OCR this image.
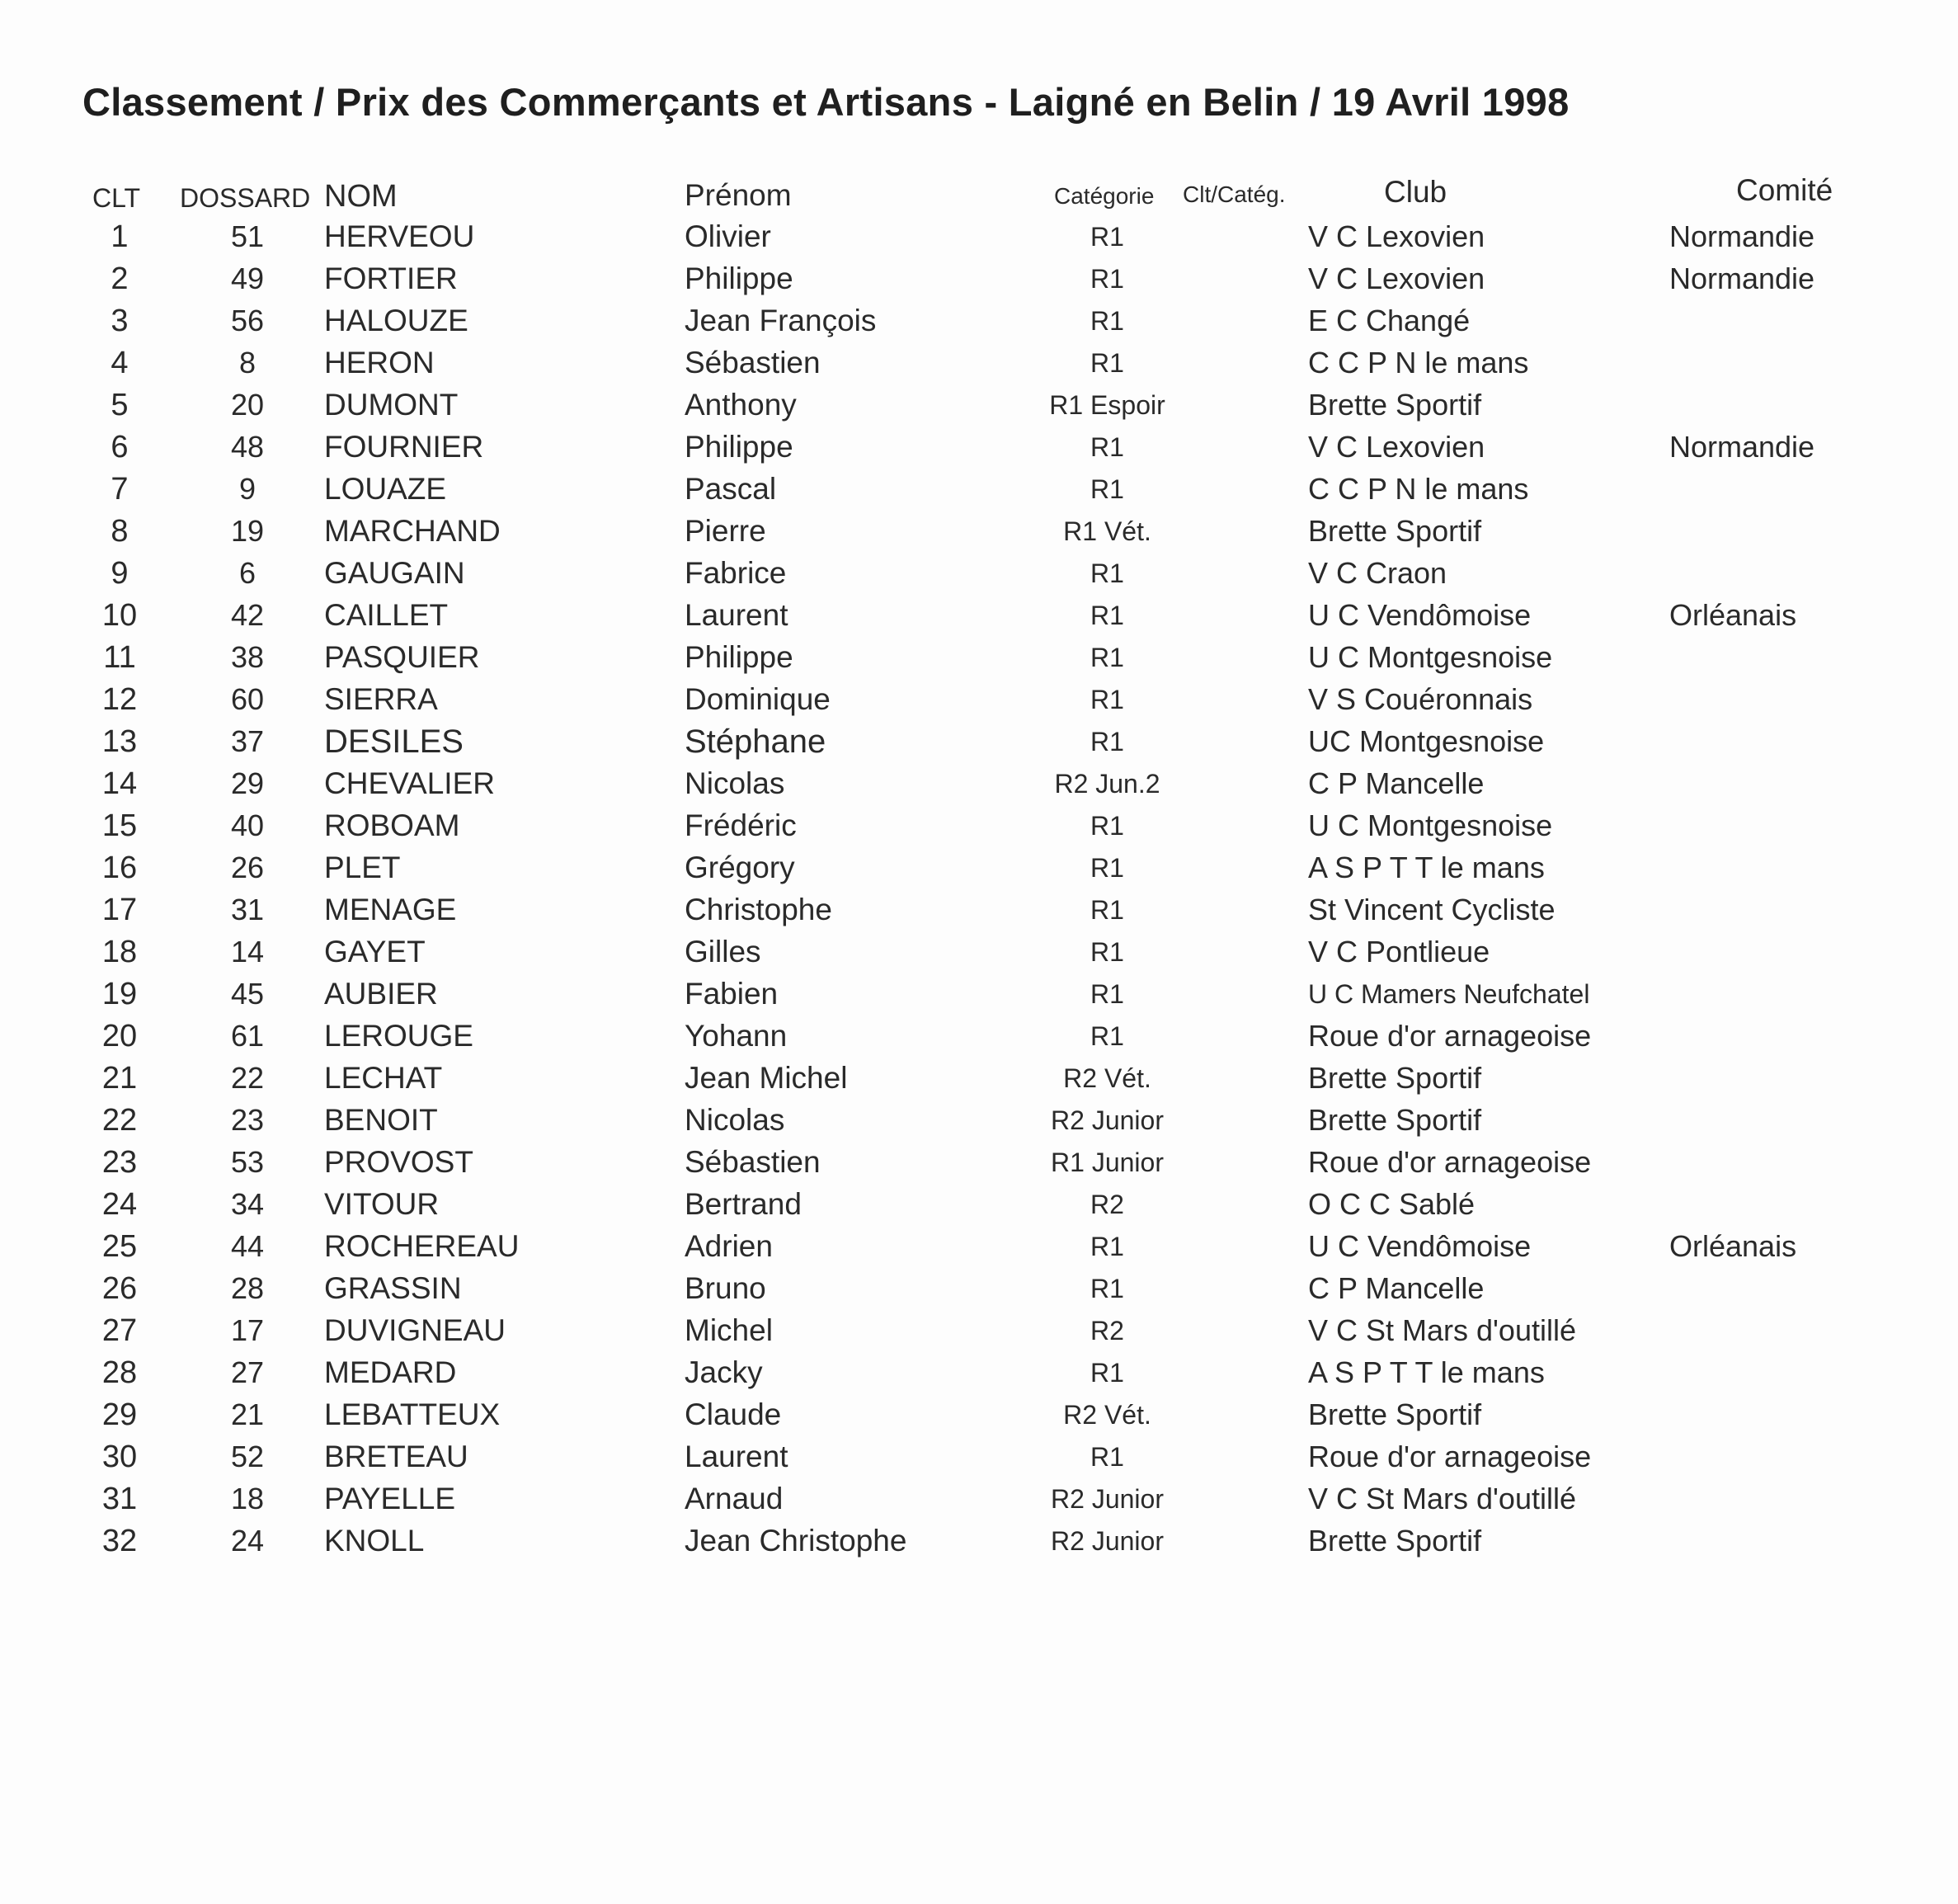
Classement / Prix des Commerçants et Artisans - Laigné en Belin / 19 Avril 1998
CLT DOSSARD NOM	Prénom	Catégorie Clt/Catég.	Club	Comité
1	51	HERVEOU	Olivier	R1	V C Lexovien	Normandie
2	49	FORTIER	Philippe	R1	V C Lexovien	Normandie
3	56	HALOUZE	Jean François	R1	E C Changé
4	8	HERON	Sébastien	R1	C C P N le mans
5	20	DUMONT	Anthony	R1 Espoir	Brette Sportif
6	48	FOURNIER	Philippe	R1	V C Lexovien	Normandie
7	9	LOUAZE	Pascal	R1	C C P N le mans
8	19	MARCHAND	Pierre	R1 Vét.	Brette Sportif
9	6	GAUGAIN	Fabrice	R1	V C Craon
10	42	CAILLET	Laurent	R1	U C Vendômoise	Orléanais
11	38	PASQUIER	Philippe	R1	U C Montgesnoise
12	60	SIERRA	Dominique	R1	V S Couéronnais
13	37	DESILES	Stéphane	R1	UC Montgesnoise
14	29	CHEVALIER	Nicolas	R2 Jun.2	C P Mancelle
15	40	ROBOAM	Frédéric	R1	U C Montgesnoise
16	26	PLET	Grégory	R1	A S P T T le mans
17	31	MENAGE	Christophe	R1	St Vincent Cycliste
18	14	GAYET	Gilles	R1	V C Pontlieue
19	45	AUBIER	Fabien	R1	U C Mamers Neufchatel
20	61	LEROUGE	Yohann	R1	Roue d'or arnageoise
21	22	LECHAT	Jean Michel	R2 Vét.	Brette Sportif
22	23	BENOIT	Nicolas	R2 Junior	Brette Sportif
23	53	PROVOST	Sébastien	R1 Junior	Roue d'or arnageoise
24	34	VITOUR	Bertrand	R2	O C C Sablé
25	44	ROCHEREAU	Adrien	R1	U C Vendômoise	Orléanais
26	28	GRASSIN	Bruno	R1	C P Mancelle
27	17	DUVIGNEAU	Michel	R2	V C St Mars d'outillé
28	27	MEDARD	Jacky	R1	A S P T T le mans
29	21	LEBATTEUX	Claude	R2 Vét.	Brette Sportif
30	52	BRETEAU	Laurent	R1	Roue d'or arnageoise
31	18	PAYELLE	Arnaud	R2 Junior	V C St Mars d'outillé
32	24	KNOLL	Jean Christophe	R2 Junior	Brette Sportif
